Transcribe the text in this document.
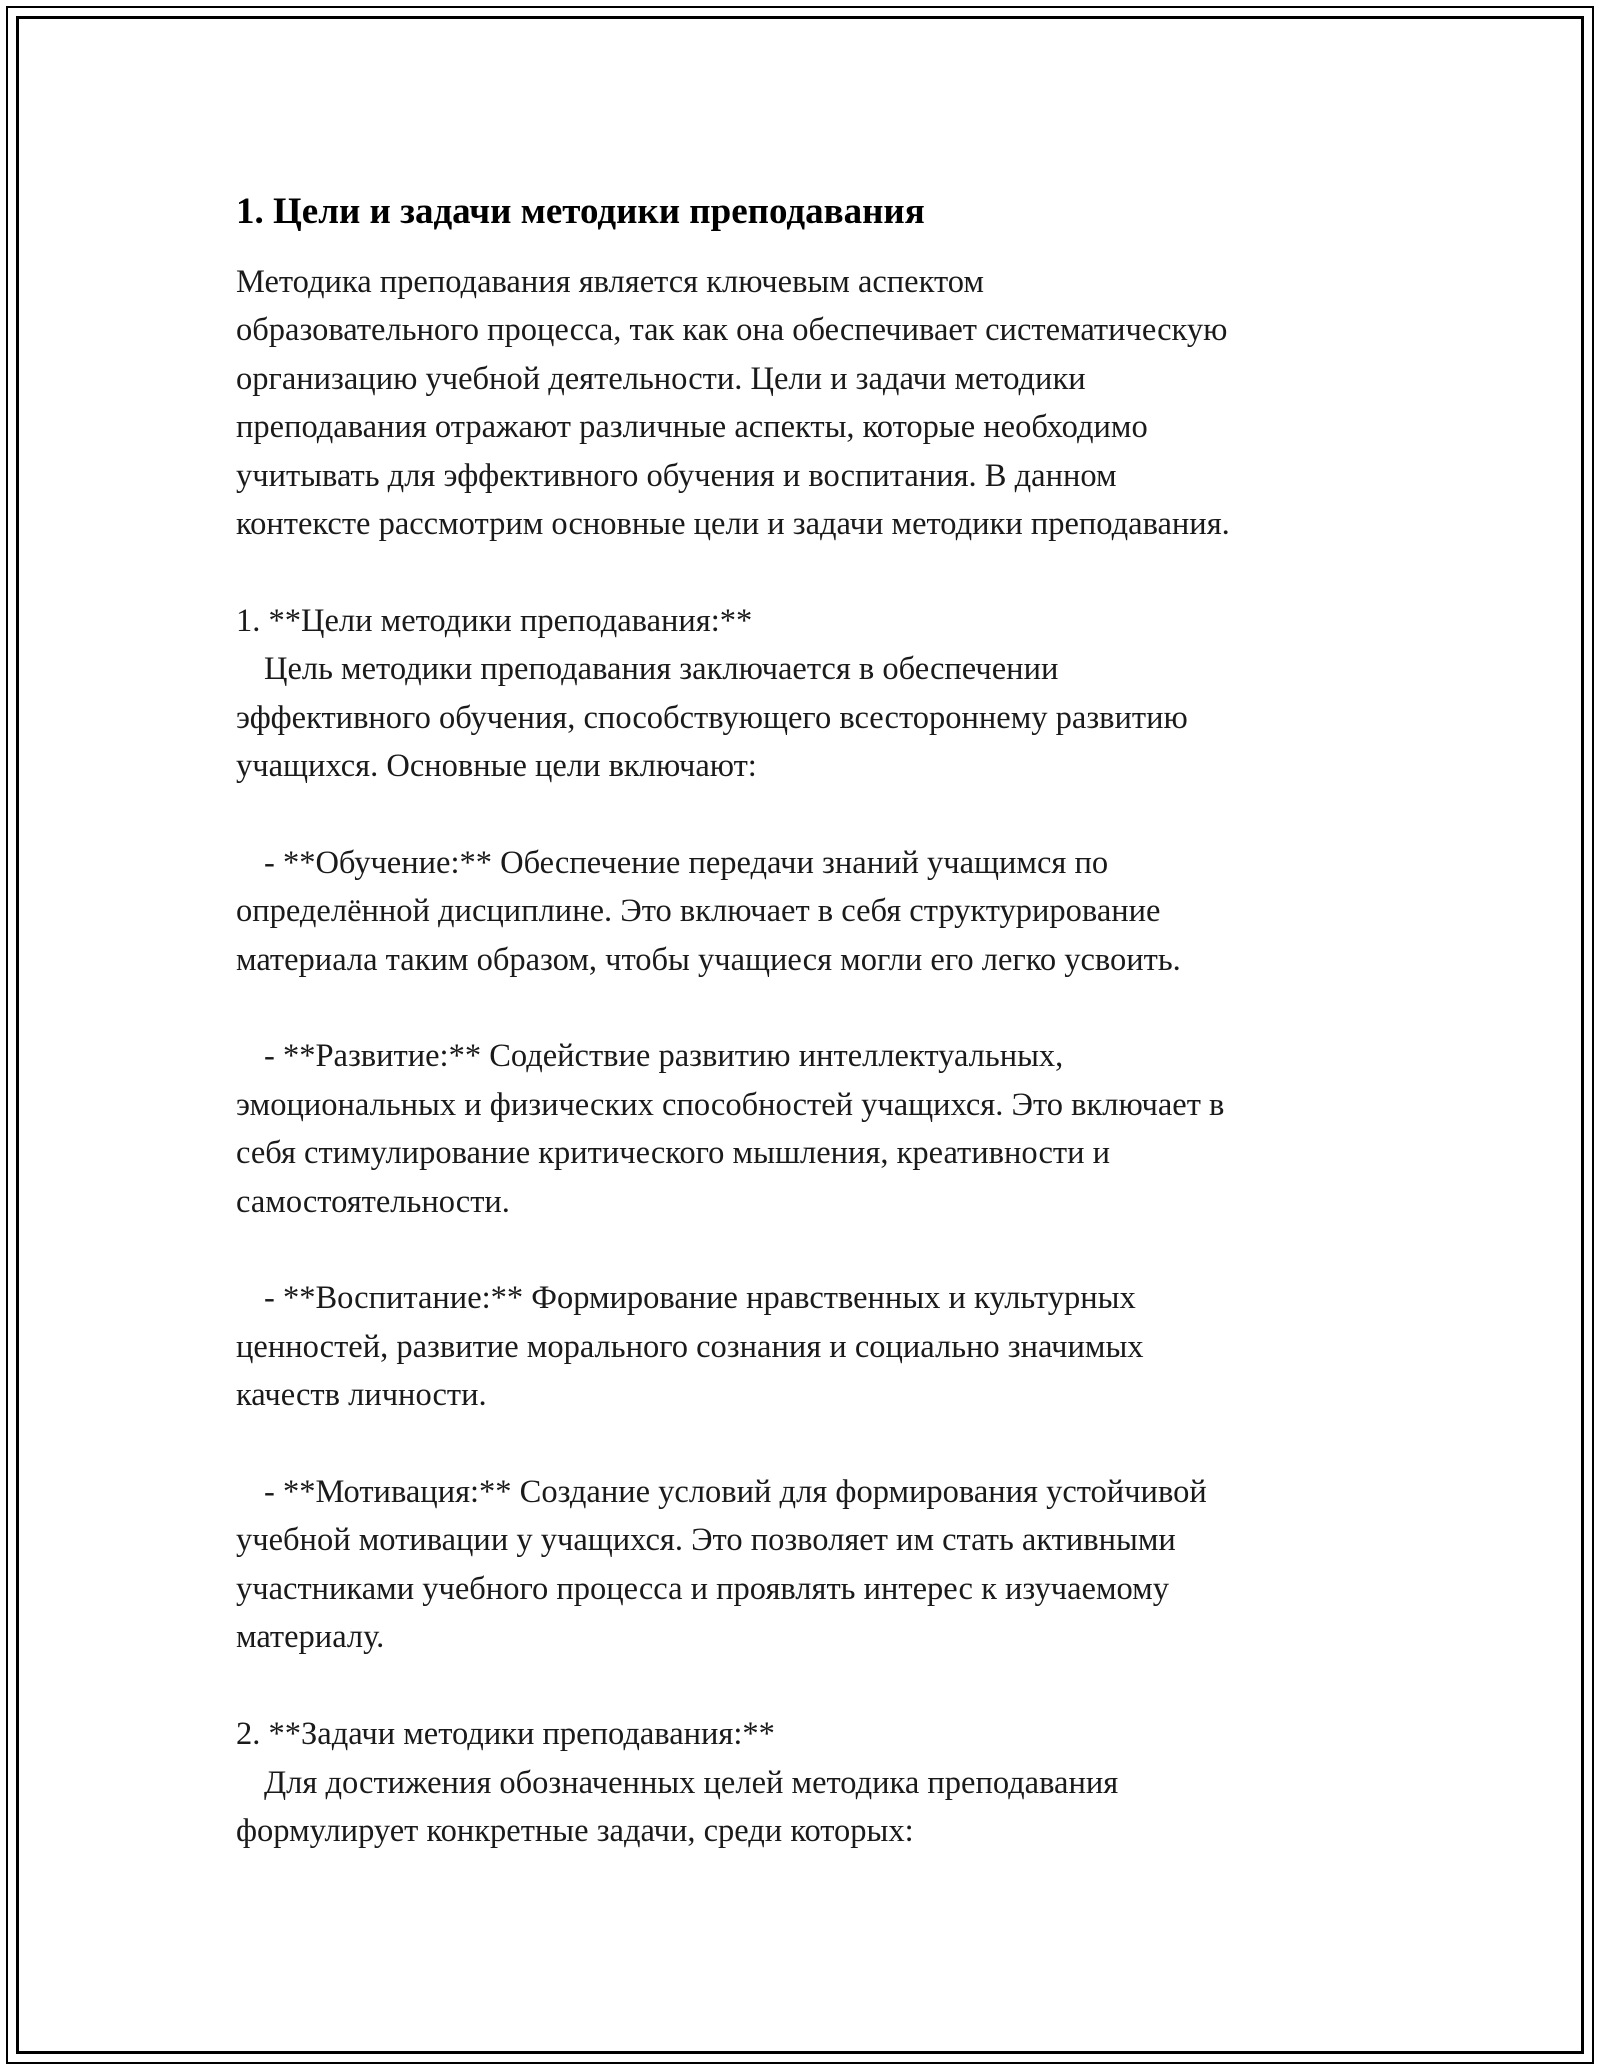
1. Цели и задачи методики преподавания
Методика преподавания является ключевым аспектом
образовательного процесса, так как она обеспечивает систематическую
организацию учебной деятельности. Цели и задачи методики
преподавания отражают различные аспекты, которые необходимо
учитывать для эффективного обучения и воспитания. В данном
контексте рассмотрим основные цели и задачи методики преподавания.
1. **Цели методики преподавания:**
Цель методики преподавания заключается в обеспечении
эффективного обучения, способствующего всестороннему развитию
учащихся. Основные цели включают:
- **Обучение:** Обеспечение передачи знаний учащимся по
определённой дисциплине. Это включает в себя структурирование
материала таким образом, чтобы учащиеся могли его легко усвоить.
- **Развитие:** Содействие развитию интеллектуальных,
эмоциональных и физических способностей учащихся. Это включает в
себя стимулирование критического мышления, креативности и
самостоятельности.
- **Воспитание:** Формирование нравственных и культурных
ценностей, развитие морального сознания и социально значимых
качеств личности.
- **Мотивация:** Создание условий для формирования устойчивой
учебной мотивации у учащихся. Это позволяет им стать активными
участниками учебного процесса и проявлять интерес к изучаемому
материалу.
2. **Задачи методики преподавания:**
Для достижения обозначенных целей методика преподавания
формулирует конкретные задачи, среди которых:
